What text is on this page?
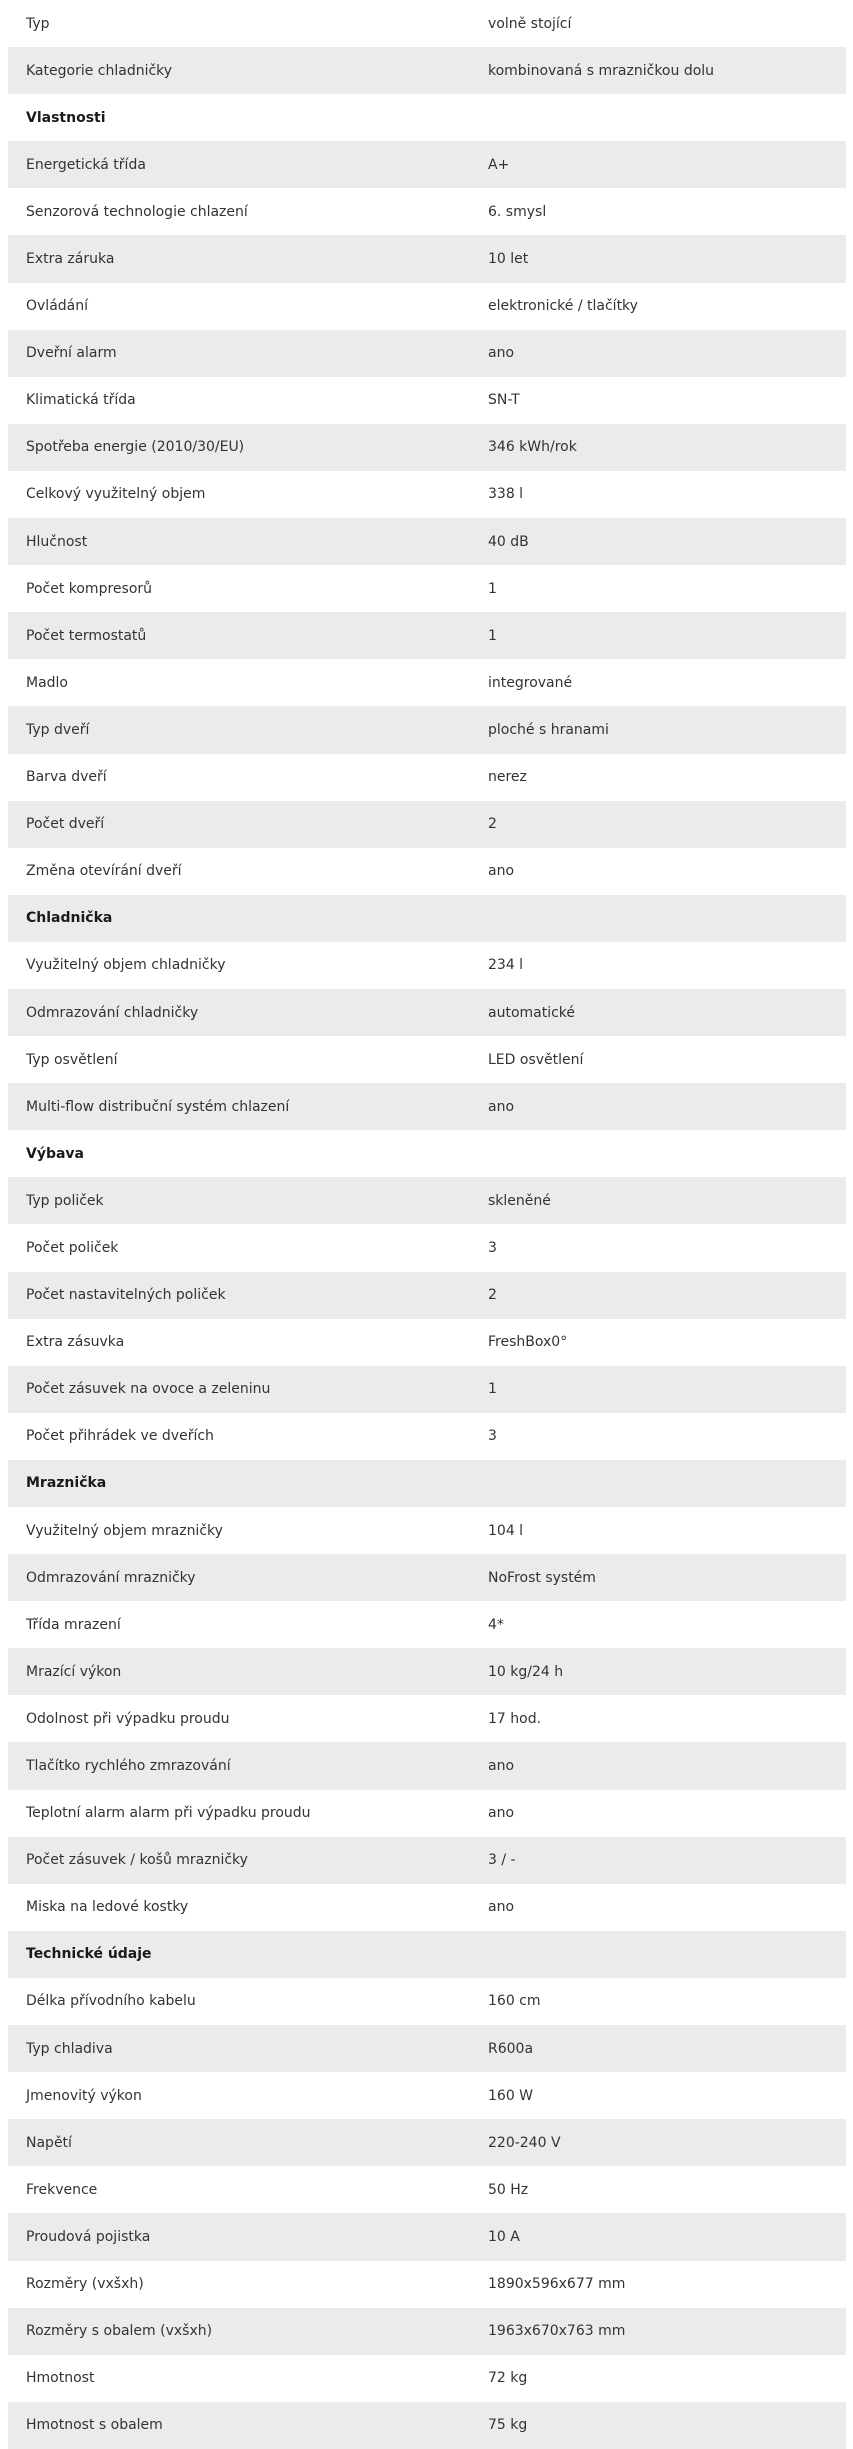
Typ	volně stojící
Kategorie chladničky	kombinovaná s mrazničkou dolu
Vlastnosti
Energetická třída	A+
Senzorová technologie chlazení	6. smysl
Extra záruka	10 let
Ovládání	elektronické / tlačítky
Dveřní alarm	ano
Klimatická třída	SN-T
Spotřeba energie (2010/30/EU)	346 kWh/rok
Celkový využitelný objem	338 l
Hlučnost	40 dB
Počet kompresorů	1
Počet termostatů	1
Madlo	integrované
Typ dveří	ploché s hranami
Barva dveří	nerez
Počet dveří	2
Změna otevírání dveří	ano
Chladnička
Využitelný objem chladničky	234 l
Odmrazování chladničky	automatické
Typ osvětlení	LED osvětlení
Multi-flow distribuční systém chlazení	ano
Výbava
Typ poliček	skleněné
Počet poliček	3
Počet nastavitelných poliček	2
Extra zásuvka	FreshBox0°
Počet zásuvek na ovoce a zeleninu	1
Počet přihrádek ve dveřích	3
Mraznička
Využitelný objem mrazničky	104 l
Odmrazování mrazničky	NoFrost systém
Třída mrazení	4*
Mrazící výkon	10 kg/24 h
Odolnost při výpadku proudu	17 hod.
Tlačítko rychlého zmrazování	ano
Teplotní alarm alarm při výpadku proudu	ano
Počet zásuvek / košů mrazničky	3 / -
Miska na ledové kostky	ano
Technické údaje
Délka přívodního kabelu	160 cm
Typ chladiva	R600a
Jmenovitý výkon	160 W
Napětí	220-240 V
Frekvence	50 Hz
Proudová pojistka	10 A
Rozměry (vxšxh)	1890x596x677 mm
Rozměry s obalem (vxšxh)	1963x670x763 mm
Hmotnost	72 kg
Hmotnost s obalem	75 kg
